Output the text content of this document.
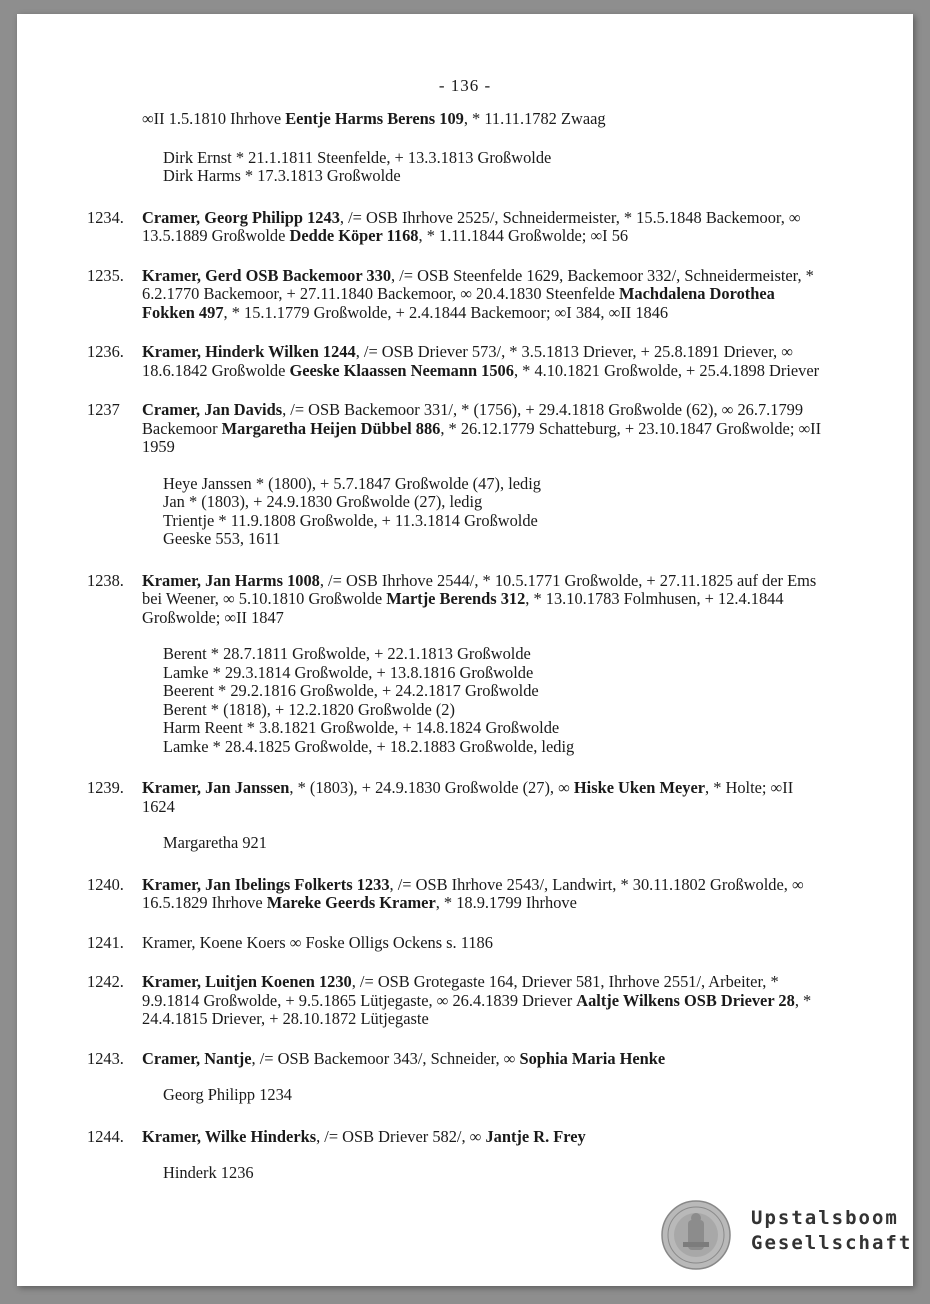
- 136 -
∞II 1.5.1810 Ihrhove Eentje Harms Berens 109, * 11.11.1782 Zwaag
Dirk Ernst * 21.1.1811 Steenfelde, + 13.3.1813 Großwolde
Dirk Harms * 17.3.1813 Großwolde
1234. Cramer, Georg Philipp 1243, /= OSB Ihrhove 2525/, Schneidermeister, * 15.5.1848 Backemoor, ∞ 13.5.1889 Großwolde Dedde Köper 1168, * 1.11.1844 Großwolde; ∞I 56
1235. Kramer, Gerd OSB Backemoor 330, /= OSB Steenfelde 1629, Backemoor 332/, Schneidermeister, * 6.2.1770 Backemoor, + 27.11.1840 Backemoor, ∞ 20.4.1830 Steenfelde Machdalena Dorothea Fokken 497, * 15.1.1779 Großwolde, + 2.4.1844 Backemoor; ∞I 384, ∞II 1846
1236. Kramer, Hinderk Wilken 1244, /= OSB Driever 573/, * 3.5.1813 Driever, + 25.8.1891 Driever, ∞ 18.6.1842 Großwolde Geeske Klaassen Neemann 1506, * 4.10.1821 Großwolde, + 25.4.1898 Driever
1237 Cramer, Jan Davids, /= OSB Backemoor 331/, * (1756), + 29.4.1818 Großwolde (62), ∞ 26.7.1799 Backemoor Margaretha Heijen Dübbel 886, * 26.12.1779 Schatteburg, + 23.10.1847 Großwolde; ∞II 1959
Heye Janssen * (1800), + 5.7.1847 Großwolde (47), ledig
Jan * (1803), + 24.9.1830 Großwolde (27), ledig
Trientje * 11.9.1808 Großwolde, + 11.3.1814 Großwolde
Geeske 553, 1611
1238. Kramer, Jan Harms 1008, /= OSB Ihrhove 2544/, * 10.5.1771 Großwolde, + 27.11.1825 auf der Ems bei Weener, ∞ 5.10.1810 Großwolde Martje Berends 312, * 13.10.1783 Folmhusen, + 12.4.1844 Großwolde; ∞II 1847
Berent * 28.7.1811 Großwolde, + 22.1.1813 Großwolde
Lamke * 29.3.1814 Großwolde, + 13.8.1816 Großwolde
Beerent * 29.2.1816 Großwolde, + 24.2.1817 Großwolde
Berent * (1818), + 12.2.1820 Großwolde (2)
Harm Reent * 3.8.1821 Großwolde, + 14.8.1824 Großwolde
Lamke * 28.4.1825 Großwolde, + 18.2.1883 Großwolde, ledig
1239. Kramer, Jan Janssen, * (1803), + 24.9.1830 Großwolde (27), ∞ Hiske Uken Meyer, * Holte; ∞II 1624
Margaretha 921
1240. Kramer, Jan Ibelings Folkerts 1233, /= OSB Ihrhove 2543/, Landwirt, * 30.11.1802 Großwolde, ∞ 16.5.1829 Ihrhove Mareke Geerds Kramer, * 18.9.1799 Ihrhove
1241. Kramer, Koene Koers ∞ Foske Olligs Ockens s. 1186
1242. Kramer, Luitjen Koenen 1230, /= OSB Grotegaste 164, Driever 581, Ihrhove 2551/, Arbeiter, * 9.9.1814 Großwolde, + 9.5.1865 Lütjegaste, ∞ 26.4.1839 Driever Aaltje Wilkens OSB Driever 28, * 24.4.1815 Driever, + 28.10.1872 Lütjegaste
1243. Cramer, Nantje, /= OSB Backemoor 343/, Schneider, ∞ Sophia Maria Henke
Georg Philipp 1234
1244. Kramer, Wilke Hinderks, /= OSB Driever 582/, ∞ Jantje R. Frey
Hinderk 1236
Upstalsboom
Gesellschaft
